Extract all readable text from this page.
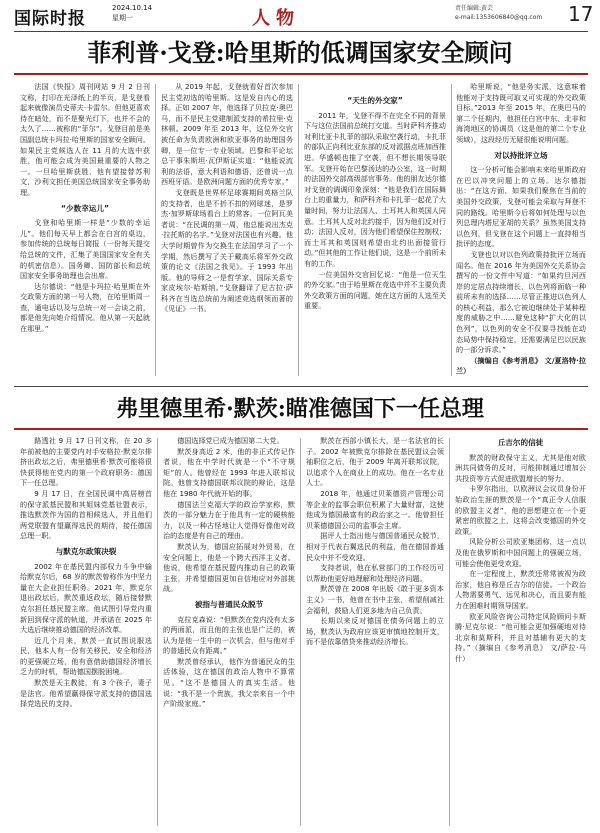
国际时报
2024.10.14
星期一	人物	责任编辑:黄芸
e-mail:1353606840@qq.com 17
菲利普·戈登:哈里斯的低调国家安全顾问

法国《快报》周刊网站 9 月 2 日刊文称，打印在光泽纸上的半页，是戈登看起来就像演员史蒂夫·卡雷尔。但他更喜欢待在暗处，而不是聚光灯下，也并不会的太久了……被称的“菲尔”。戈登目前是美国副总统卡玛拉·哈里斯的国家安全顾问。如果民主党候选人在 11 月的大选中获胜，他可能会成为美国最重要的人物之一。一旦哈里斯获胜，他有望接替苏利文，沙利文担任美国总统国家安全事务助理。

“少数幸运儿”

戈登和哈里斯一样是“少数的幸运儿”。他们每天早上都会在白宫的桌边，参加传统的总统每日简报（一份每天提交给总统的文件，汇集了美国国家安全有关的机密信息）。国务卿、国防部长和总统国家安全事务助理也会出席。

达尔德说：“他是卡玛拉·哈里斯在外交政策方面的第一号人物，在哈里斯周一查，通电话以及与总统一对一会谈之前，都是他先向她介绍情况。他从第一天起就在那里。”

从 2019 年起，戈登就看好首次参加民主党初选的哈里斯。这是发自内心的选择。正如 2007 年，他选择了贝拉克·奥巴马，而不是民主党建制派支持的希拉里·克林顿。2009 年至 2013 年，这位外交官被任命为负责欧洲和欧亚事务的助理国务卿，是一位专一专业领域。巴黎和平论坛总干事朱斯坦·瓦伊斯证实道：“他能说流利的法语，意大利语和德语，还曾说一点西班牙语。是欧洲问题方面的优秀专家。”

戈登既是世界杯足球赛期间英格兰队的支持者，也是不折不扣的网球迷，是罗杰·加罗斯球场看台上的常客。一位阿瓦美者说：“在民调的第一周，他总能说出杰克·拉托斯的名字。”戈登对法国也有兴趣。他大学时期曾作为交换生在法国学习了一个学期，然后撰写了关于戴高乐将军外交政策的论文《法国之我见》。于 1993 年出版。他的导师之一是哲学家、国际关系专家皮埃尔·哈斯纳。”戈登翻译了尼古拉·萨科齐在当选总统前为阐述竞选纲领而著的《见证》一书。

“天生的外交家”

2011 年，戈登不得不在完全不同的背景下与这位法国前总统打交道。当时萨科齐推动对利比亚卡扎菲的部队采取空袭行动，卡扎菲的部队正向利比亚东部的反对派据点班加西推进。华盛顿也推了空袭，但不想长期领导联军。戈登开始在巴黎汤达的办公室，这一时期的法国外交部高级部官事务。他的朋友达尔德对戈登的调调印象深刻：“他是我们在国际舞台上的重量力，和萨科齐和卡扎菲一起花了大量时间，努力让法国人、土耳其人和英国人同意。土耳其人反对北约接手，因为他们反对行动；法国人反对，因为他们希望保住控制权；而土耳其和英国则希望由北约出面接管行动。”但其他的工作让他们说，这是一个前所未有的工作。

一位美国外交官回忆说：“他是一位天生的外交家。”由于哈里斯在竞选中并不主要负责外交政策方面的问题，她在这方面的人选至关重要。

哈里斯说，“他是务实派，这意味着他能对于支持既可取又可实现的外交政策目标。”2013 年至 2015 年，在奥巴马的第二个任期内，他担任白宫中东、北非和海湾地区的协调员（这是他的第二个专业领域），这段经历无疑很能说明问题。

对以持批评立场

这一分析可能会影响未来哈里斯政府在巴以冲突问题上的立场。达尔德指出：“在这方面，如果我们聚焦在当前的美国外交政策，戈登可能会采取与拜登不同的路线。哈里斯今后将如何处理与以色列总理内塔尼亚胡的关系？虽然美国支持以色列，但戈登在这个问题上一直持相当批评的态度。

戈登也以对以色列政策持批评立场而闻名。他在 2016 年为美国外交关系协会撰写的一份文件中写道：“如果约旦河西岸的定居点持续增长，以色列将面临一种前所未有的选择……尽管正推进以色列人的核心利益，那么它被迫继续处于某种程度的威胁之中……避免这种“扩大化的以色列”，以色列的安全不仅要寻找能在动态局势中保持稳定，还需要满足巴以民族的一部分诉求。”

（摘编自《参考消息》 文/夏洛特·拉兰）

弗里德里希·默茨:瞄准德国下一任总理

路透社 9 月 17 日刊文称，在 20 多年前被他的主要党内对手安格拉·默克尔排挤出政坛之后，弗里德里希·默茨可能将很快获得他在党内的第一个政府职务：德国下一任总理。

9 月 17 日，在全国民调中高居榜首的保守派基民盟和其姐妹党基社盟表示，推选默茨作为国的首相候选人，并且他们两党联盟有望赢得选民的期待，接任德国总理一职。

与默克尔政策决裂

2002 年在基民盟内部权力斗争中输给默克尔后，68 岁的默茨曾称作为中坚力量在大企业担任职务。2021 年，默克尔退出政坛后，默茨重返政坛，随后接替默克尔担任基民盟主席。他试图引导党内重新回到保守派的轨道，并承诺在 2025 年大选后继续推动德国的经济改革。

近几个月来，默茨一直试图说服选民，他本人有一份有关移民、安全和经济的更强硬立场，他有意借助德国经济增长乏力的时机，帮助德国摆脱困境。

默茨是天主教徒，有 3 个孩子，妻子是法官。他希望赢得保守派支持的德国选择党选民的支持。

德国选择党已成为德国第二大党。

默茨身高近 2 米，他的非正式传记作者说，他在中学时代就是一个“不守规矩”的人。他曾经在 1993 年进入联邦议院。他曾支持德国联邦议院的辩论，这是他在 1980 年代就开始的事。

德国法兰克福大学的政治学家称，默茨的一部分魅力在于他具有一定的硬核能力，以及一种古怪地让人觉得好像他对政治的态度是有自己的理由。

默茨认为，德国应拓展对外贸易，在安全问题上，他是一个跨大西洋主义者。他说，他希望在基民盟内推动自己的政策主张，并希望德国更加自信地应对外部挑战。

被指与普通民众脱节

克拉克森说：“但默茨在党内没有太多的两面派，而且他的主张也是广泛的，被认为是他一生中的一次机会，但与他对手的普通民众有距离。”

默茨曾经承认，他作为普通民众的生活体验，这在德国的政治人物中不算常见。“这不是德国人的真实生活。他说：“我不是一个贵族，我父亲来自一个中产阶级家庭。”

默茨在西部小镇长大，是一名法官的长子。2002 年被默克尔排除在基民盟议会领袖职位之后，他于 2009 年离开联邦议院，以追求个人在商业上的成功。他在一名专业人士。

2018 年，他通过贝莱德资产管理公司等企业的监事会职位积累了大量财富，这使他成为德国最富有的政治家之一。他曾担任贝莱德德国公司的监事会主席。

据评人士指出他与德国普通民众脱节，相对于代表右翼选民的利益，他在德国普通民众中并不受欢迎。

支持者说，他在私营部门的工作经历可以帮助他更好地理解和处理经济问题。

默茨曾在 2008 年出版《敢于更多资本主义》一书，他曾在书中主张，希望削减社会福利，鼓励人们更多地为自己负责。

长期以来反对德国在债务问题上的立场，默茨认为政府应该更审慎地控制开支，而不是依靠借贷来推动经济增长。

丘吉尔的信徒

默茨的财政保守主义，尤其是他对欧洲共同债务的反对，可能抑制通过增加公共投资等方式促进欧盟增长的努力。

卡罗尔指出，以欧洲议会议员身份开始政治生涯的默茨是一个“真正令人信服的欧盟主义者”，他的思想建立在一个更紧密的欧盟之上，这将会改变德国的外交政策。

风险分析公司欧亚集团称，这一点以及他在俄罗斯和中国问题上的强硬立场，可能会使他更受欢迎。

在一定程度上，默茨还常常被视为政治家，他自称是丘吉尔的信徒。一个政治人物需要勇气、远见和决心，而且要有能力在困难时期领导国家。

欧亚风险咨询公司特定风险顾问卡斯腾·尼克尔说：“他可能会更加强硬地对待北京和莫斯科，并且对基辅有更大的支持。”（摘编自《参考消息》 文/萨拉·马什）
